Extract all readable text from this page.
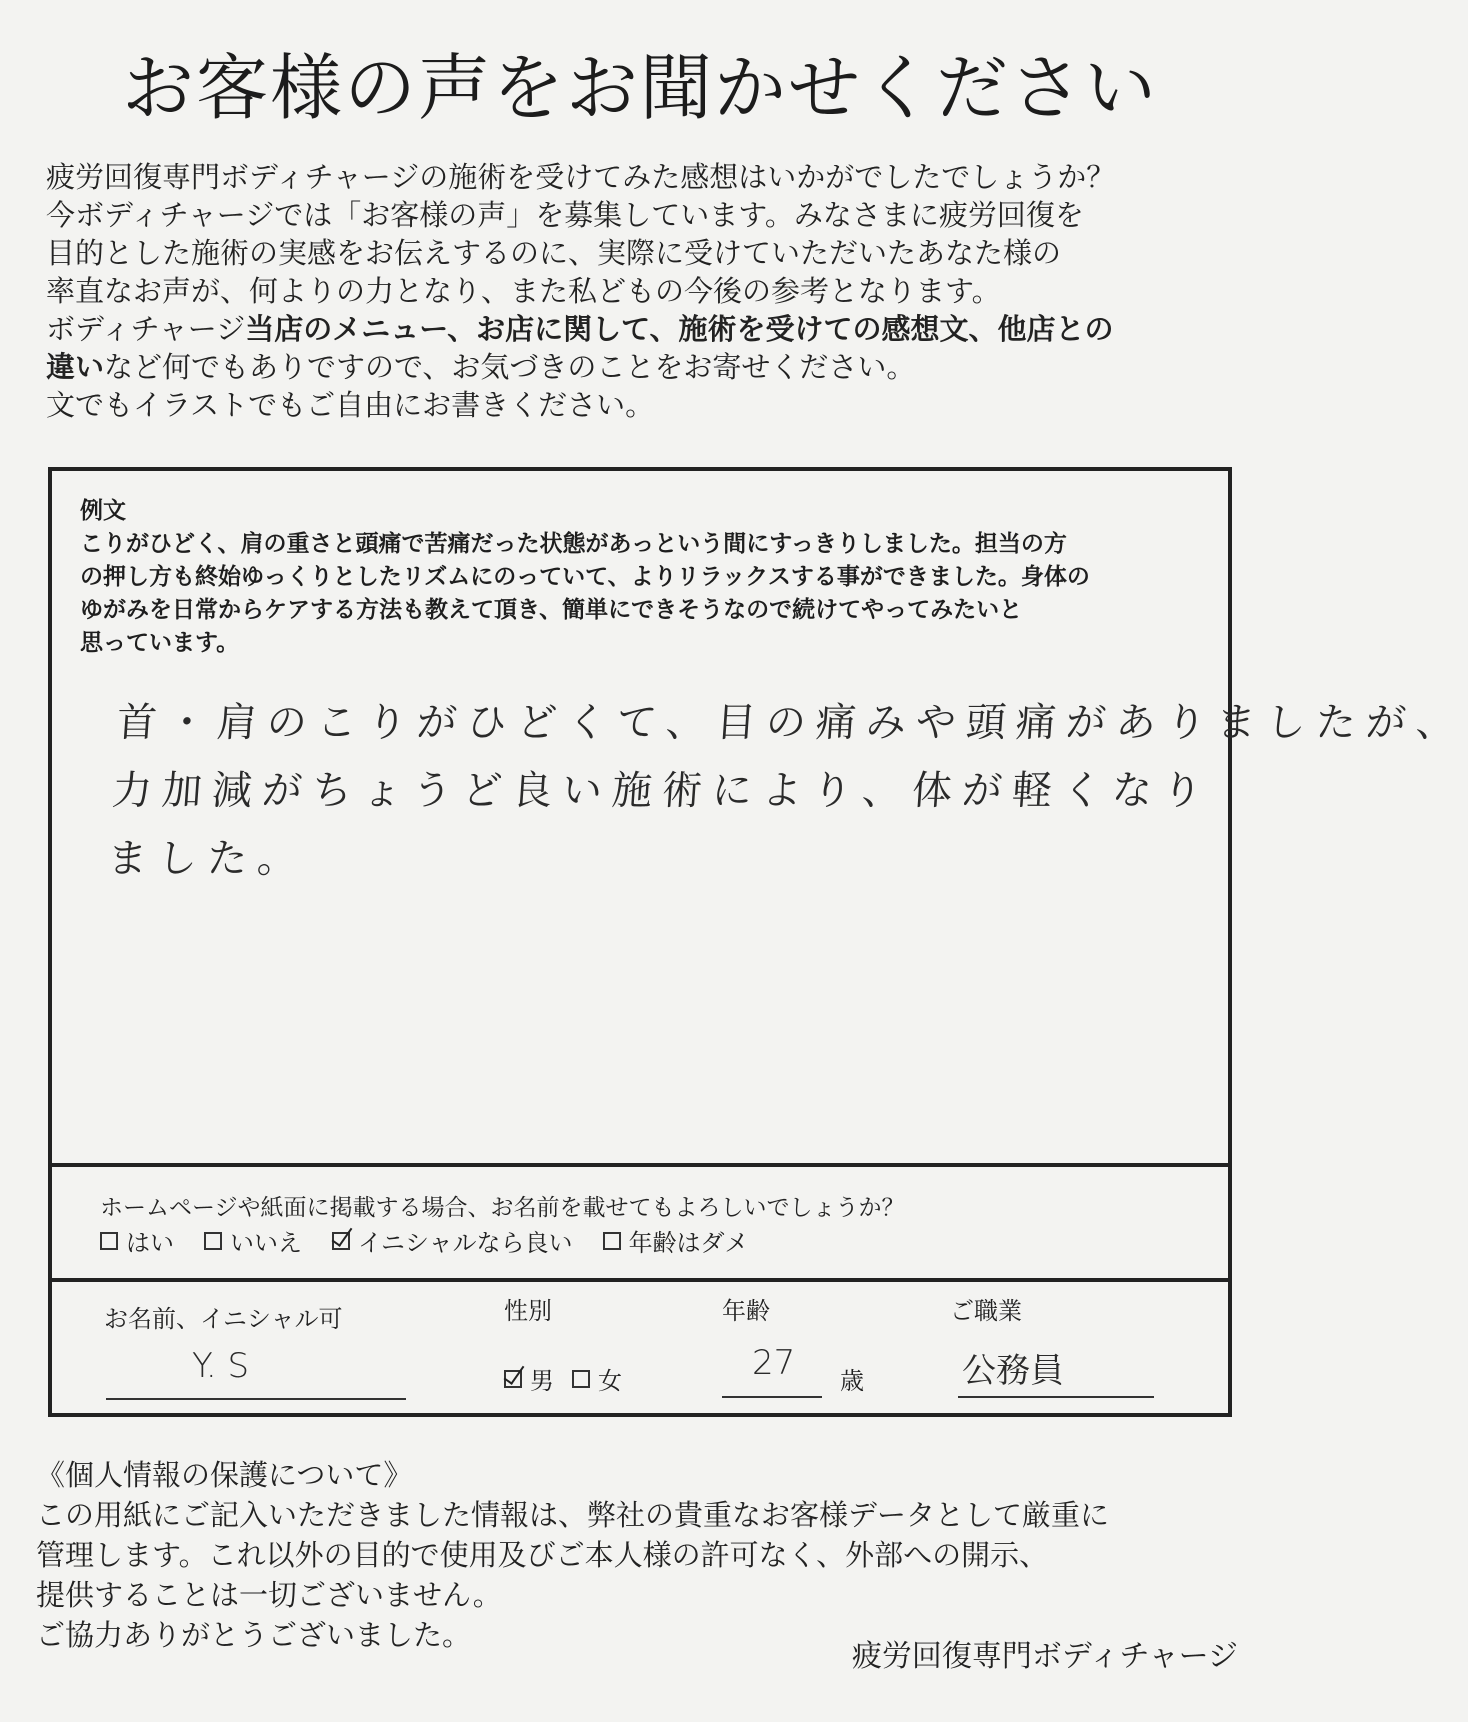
お客様の声をお聞かせください
疲労回復専門ボディチャージの施術を受けてみた感想はいかがでしたでしょうか？
今ボディチャージでは「お客様の声」を募集しています。みなさまに疲労回復を
目的とした施術の実感をお伝えするのに、実際に受けていただいたあなた様の
率直なお声が、何よりの力となり、また私どもの今後の参考となります。
ボディチャージ当店のメニュー、お店に関して、施術を受けての感想文、他店との
違いなど何でもありですので、お気づきのことをお寄せください。
文でもイラストでもご自由にお書きください。
例文
こりがひどく、肩の重さと頭痛で苦痛だった状態があっという間にすっきりしました。担当の方
の押し方も終始ゆっくりとしたリズムにのっていて、よりリラックスする事ができました。身体の
ゆがみを日常からケアする方法も教えて頂き、簡単にできそうなので続けてやってみたいと
思っています。
首・肩のこりがひどくて、目の痛みや頭痛がありましたが、
力加減がちょうど良い施術により、体が軽くなり
ました。
ホームページや紙面に掲載する場合、お名前を載せてもよろしいでしょうか？
はい いいえ イニシャルなら良い 年齢はダメ
お名前、イニシャル可
Y. S
性別
男 女
年齢
27 歳
ご職業
公務員
《個人情報の保護について》
この用紙にご記入いただきました情報は、弊社の貴重なお客様データとして厳重に
管理します。これ以外の目的で使用及びご本人様の許可なく、外部への開示、
提供することは一切ございません。
ご協力ありがとうございました。
疲労回復専門ボディチャージ
